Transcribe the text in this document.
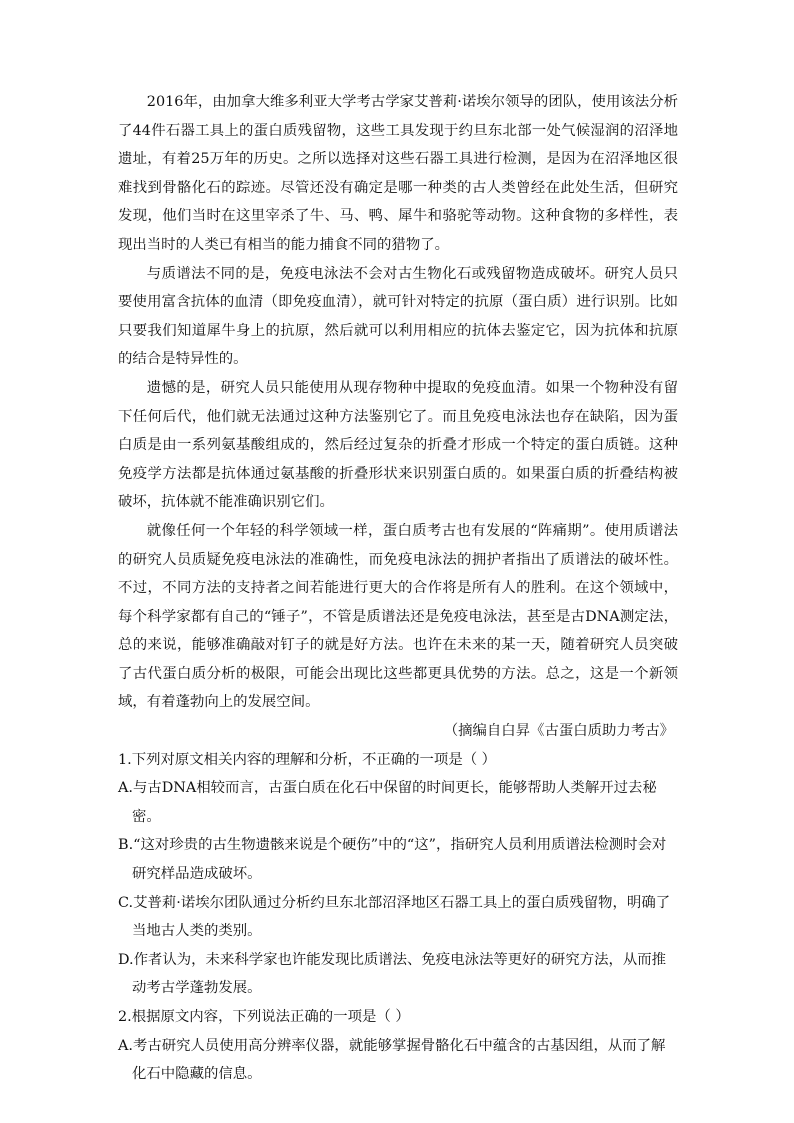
2016年，由加拿大维多利亚大学考古学家艾普莉·诺埃尔领导的团队，使用该法分析了44件石器工具上的蛋白质残留物，这些工具发现于约旦东北部一处气候湿润的沼泽地遗址，有着25万年的历史。之所以选择对这些石器工具进行检测，是因为在沼泽地区很难找到骨骼化石的踪迹。尽管还没有确定是哪一种类的古人类曾经在此处生活，但研究发现，他们当时在这里宰杀了牛、马、鸭、犀牛和骆驼等动物。这种食物的多样性，表现出当时的人类已有相当的能力捕食不同的猎物了。

与质谱法不同的是，免疫电泳法不会对古生物化石或残留物造成破坏。研究人员只要使用富含抗体的血清（即免疫血清），就可针对特定的抗原（蛋白质）进行识别。比如只要我们知道犀牛身上的抗原，然后就可以利用相应的抗体去鉴定它，因为抗体和抗原的结合是特异性的。

遗憾的是，研究人员只能使用从现存物种中提取的免疫血清。如果一个物种没有留下任何后代，他们就无法通过这种方法鉴别它了。而且免疫电泳法也存在缺陷，因为蛋白质是由一系列氨基酸组成的，然后经过复杂的折叠才形成一个特定的蛋白质链。这种免疫学方法都是抗体通过氨基酸的折叠形状来识别蛋白质的。如果蛋白质的折叠结构被破坏，抗体就不能准确识别它们。

就像任何一个年轻的科学领域一样，蛋白质考古也有发展的“阵痛期”。使用质谱法的研究人员质疑免疫电泳法的准确性，而免疫电泳法的拥护者指出了质谱法的破坏性。不过，不同方法的支持者之间若能进行更大的合作将是所有人的胜利。在这个领域中，每个科学家都有自己的“锤子”，不管是质谱法还是免疫电泳法，甚至是古DNA测定法，总的来说，能够准确敲对钉子的就是好方法。也许在未来的某一天，随着研究人员突破了古代蛋白质分析的极限，可能会出现比这些都更具优势的方法。总之，这是一个新领域，有着蓬勃向上的发展空间。

（摘编自白昇《古蛋白质助力考古》

1.下列对原文相关内容的理解和分析，不正确的一项是（ ）

A.与古DNA相较而言，古蛋白质在化石中保留的时间更长，能够帮助人类解开过去秘密。

B.“这对珍贵的古生物遗骸来说是个硬伤”中的“这”，指研究人员利用质谱法检测时会对研究样品造成破坏。

C.艾普莉·诺埃尔团队通过分析约旦东北部沼泽地区石器工具上的蛋白质残留物，明确了当地古人类的类别。

D.作者认为，未来科学家也许能发现比质谱法、免疫电泳法等更好的研究方法，从而推动考古学蓬勃发展。

2.根据原文内容，下列说法正确的一项是（ ）

A.考古研究人员使用高分辨率仪器，就能够掌握骨骼化石中蕴含的古基因组，从而了解化石中隐藏的信息。
